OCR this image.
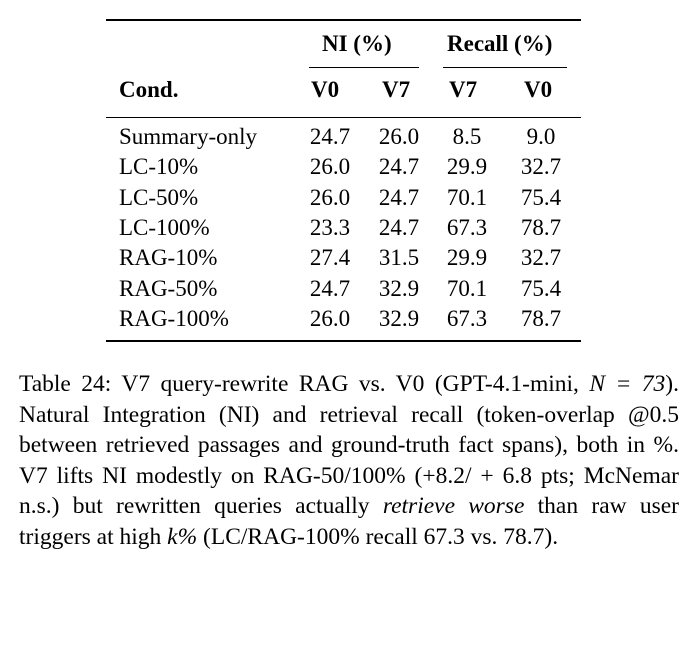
NI (%) Recall (%)
Cond.	V0 V7 V7 V0
Summary-only 24.7 26.0	8.5	9.0
LC-10%	26.0 24.7 29.9 32.7
LC-50%	26.0 24.7 70.1 75.4
LC-100%	23.3 24.7 67.3 78.7
RAG-10%	27.4 31.5 29.9 32.7
RAG-50%	24.7 32.9 70.1 75.4
RAG-100%	26.0 32.9 67.3 78.7
Table 24: V7 query-rewrite RAG vs. V0 (GPT-4.1-mini, N = 73). Natural Integration (NI) and retrieval recall (token-overlap @0.5 between retrieved passages and ground-truth fact spans), both in %. V7 lifts NI modestly on RAG-50/100% (+8.2/ + 6.8 pts; McNemar n.s.) but rewritten queries actually retrieve worse than raw user triggers at high k% (LC/RAG-100% recall 67.3 vs. 78.7).
